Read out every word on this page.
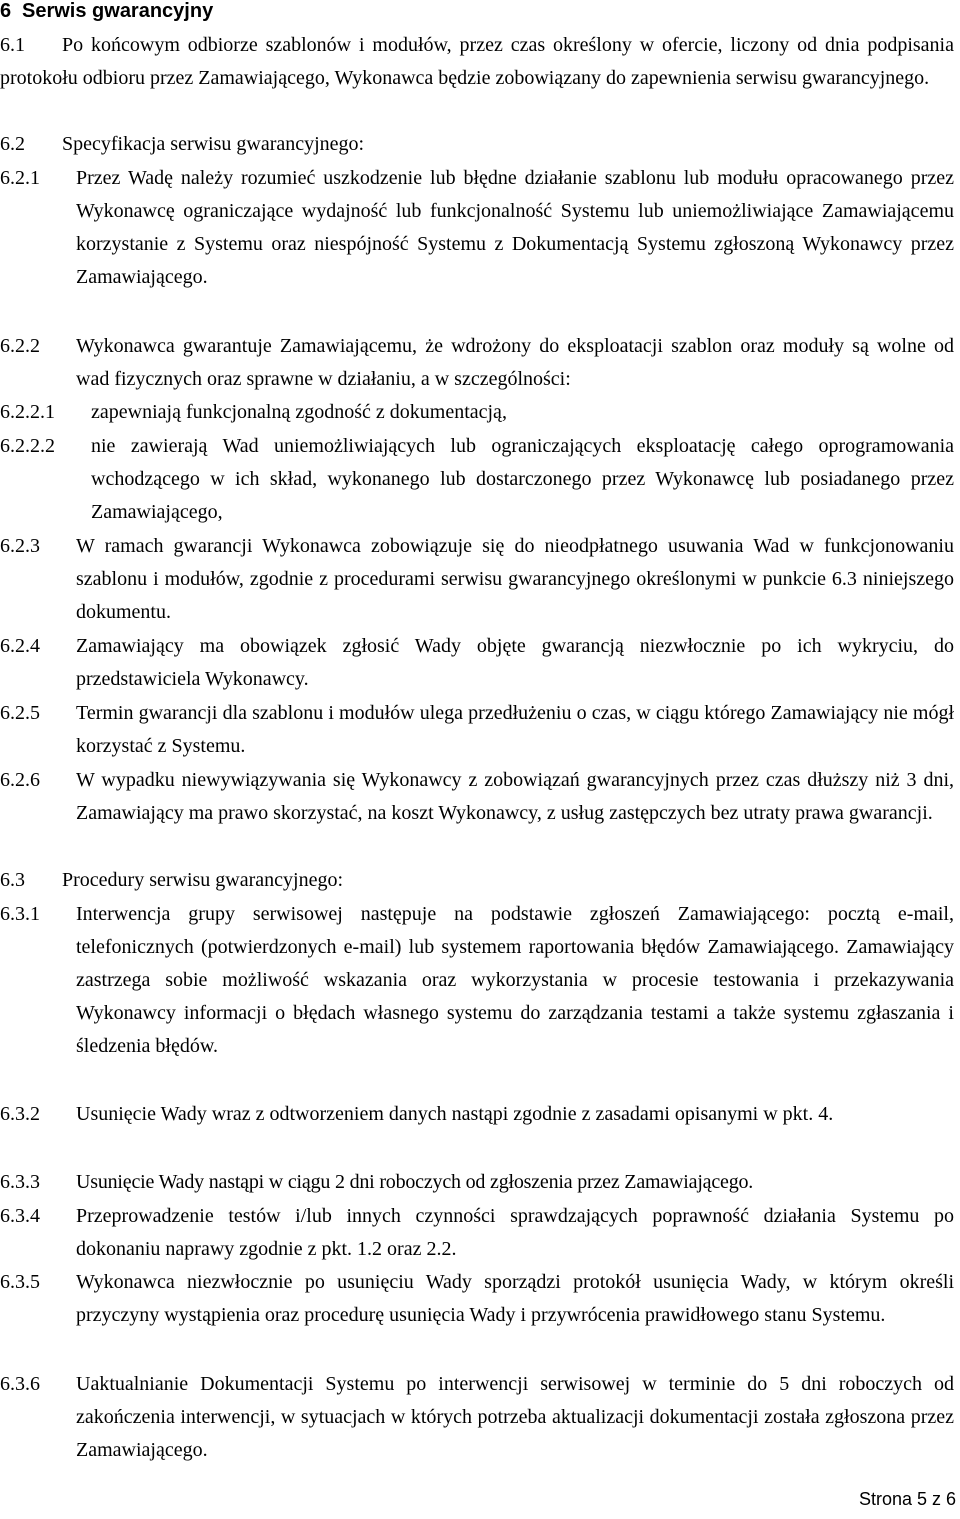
6 Serwis gwarancyjny
6.1	Po końcowym odbiorze szablonów i modułów, przez czas określony w ofercie, liczony od dnia podpisania protokołu odbioru przez Zamawiającego, Wykonawca będzie zobowiązany do zapewnienia serwisu gwarancyjnego.
6.2	Specyfikacja serwisu gwarancyjnego:
6.2.1	Przez Wadę należy rozumieć uszkodzenie lub błędne działanie szablonu lub modułu opracowanego przez Wykonawcę ograniczające wydajność lub funkcjonalność Systemu lub uniemożliwiające Zamawiającemu korzystanie z Systemu oraz niespójność Systemu z Dokumentacją Systemu zgłoszoną Wykonawcy przez Zamawiającego.
6.2.2	Wykonawca gwarantuje Zamawiającemu, że wdrożony do eksploatacji szablon oraz moduły są wolne od wad fizycznych oraz sprawne w działaniu, a w szczególności:
6.2.2.1	zapewniają funkcjonalną zgodność z dokumentacją,
6.2.2.2	nie zawierają Wad uniemożliwiających lub ograniczających eksploatację całego oprogramowania wchodzącego w ich skład, wykonanego lub dostarczonego przez Wykonawcę lub posiadanego przez Zamawiającego,
6.2.3	W ramach gwarancji Wykonawca zobowiązuje się do nieodpłatnego usuwania Wad w funkcjonowaniu szablonu i modułów, zgodnie z procedurami serwisu gwarancyjnego określonymi w punkcie 6.3 niniejszego dokumentu.
6.2.4	Zamawiający ma obowiązek zgłosić Wady objęte gwarancją niezwłocznie po ich wykryciu, do przedstawiciela Wykonawcy.
6.2.5	Termin gwarancji dla szablonu i modułów ulega przedłużeniu o czas, w ciągu którego Zamawiający nie mógł korzystać z Systemu.
6.2.6	W wypadku niewywiązywania się Wykonawcy z zobowiązań gwarancyjnych przez czas dłuższy niż 3 dni, Zamawiający ma prawo skorzystać, na koszt Wykonawcy, z usług zastępczych bez utraty prawa gwarancji.
6.3	Procedury serwisu gwarancyjnego:
6.3.1	Interwencja grupy serwisowej następuje na podstawie zgłoszeń Zamawiającego: pocztą e-mail, telefonicznych (potwierdzonych e-mail) lub systemem raportowania błędów Zamawiającego. Zamawiający zastrzega sobie możliwość wskazania oraz wykorzystania w procesie testowania i przekazywania Wykonawcy informacji o błędach własnego systemu do zarządzania testami a także systemu zgłaszania i śledzenia błędów.
6.3.2	Usunięcie Wady wraz z odtworzeniem danych nastąpi zgodnie z zasadami opisanymi w pkt. 4.
6.3.3	Usunięcie Wady nastąpi w ciągu 2 dni roboczych od zgłoszenia przez Zamawiającego.
6.3.4	Przeprowadzenie testów i/lub innych czynności sprawdzających poprawność działania Systemu po dokonaniu naprawy zgodnie z pkt. 1.2 oraz 2.2.
6.3.5	Wykonawca niezwłocznie po usunięciu Wady sporządzi protokół usunięcia Wady, w którym określi przyczyny wystąpienia oraz procedurę usunięcia Wady i przywrócenia prawidłowego stanu Systemu.
6.3.6	Uaktualnianie Dokumentacji Systemu po interwencji serwisowej w terminie do 5 dni roboczych od zakończenia interwencji, w sytuacjach w których potrzeba aktualizacji dokumentacji została zgłoszona przez Zamawiającego.
Strona 5 z 6
